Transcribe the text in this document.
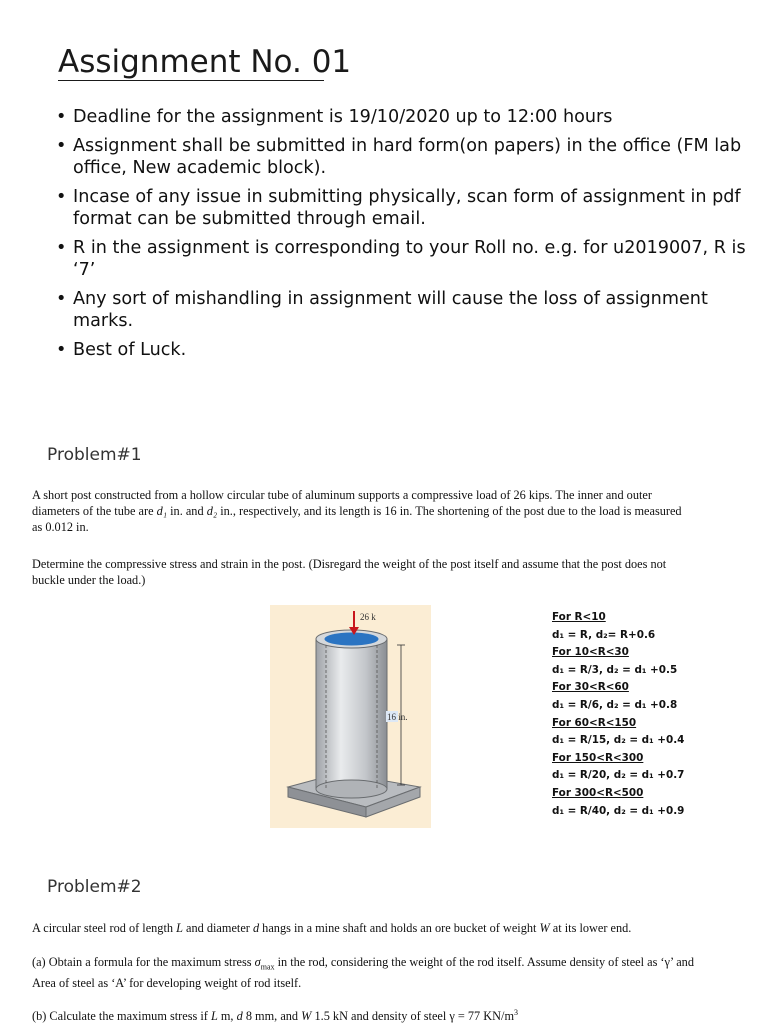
Assignment No. 01
• Deadline for the assignment is 19/10/2020 up to 12:00 hours
• Assignment shall be submitted in hard form(on papers) in the office (FM lab office, New academic block).
• Incase of any issue in submitting physically, scan form of assignment in pdf format can be submitted through email.
• R in the assignment is corresponding to your Roll no. e.g. for u2019007, R is ‘7’
• Any sort of mishandling in assignment will cause the loss of assignment marks.
• Best of Luck.
Problem#1
A short post constructed from a hollow circular tube of aluminum supports a compressive load of 26 kips. The inner and outer diameters of the tube are d₁ in. and d₂ in., respectively, and its length is 16 in. The shortening of the post due to the load is measured as 0.012 in.
Determine the compressive stress and strain in the post. (Disregard the weight of the post itself and assume that the post does not buckle under the load.)
26 k
16 in.
For R<10
d₁ = R, d₂= R+0.6
For 10<R<30
d₁ = R/3, d₂ = d₁ +0.5
For 30<R<60
d₁ = R/6, d₂ = d₁ +0.8
For 60<R<150
d₁ = R/15, d₂ = d₁ +0.4
For 150<R<300
d₁ = R/20, d₂ = d₁ +0.7
For 300<R<500
d₁ = R/40, d₂ = d₁ +0.9
Problem#2
A circular steel rod of length L and diameter d hangs in a mine shaft and holds an ore bucket of weight W at its lower end.
(a) Obtain a formula for the maximum stress $\sigma_{max}$ in the rod, considering the weight of the rod itself. Assume density of steel as ‘γ’ and Area of steel as ‘A’ for developing weight of rod itself.
(b) Calculate the maximum stress if L m, d 8 mm, and W 1.5 kN and density of steel γ = 77 $KN/m^3$
